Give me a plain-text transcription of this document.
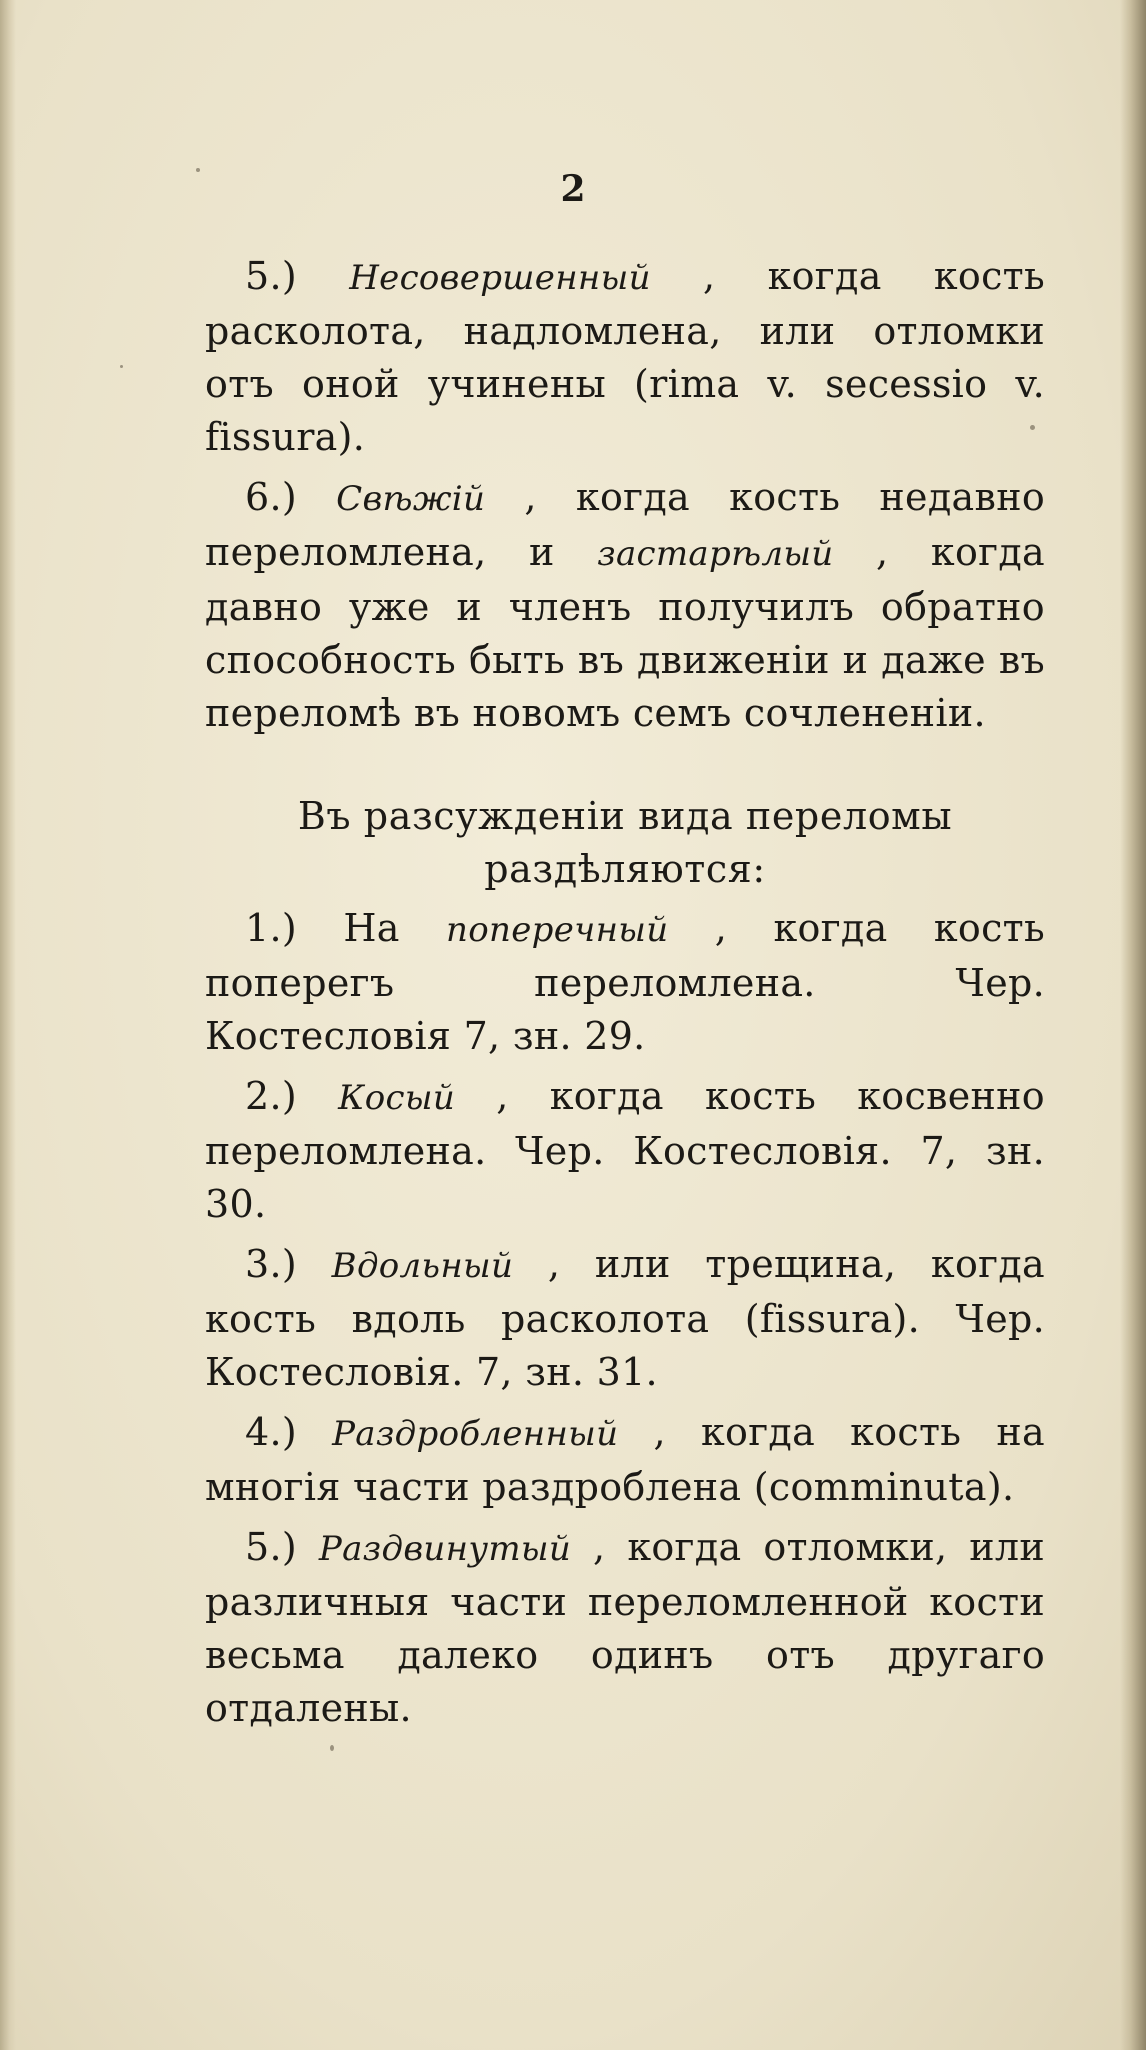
2

5.) Несовершенный , когда кость расколота, надломлена, или отломки отъ оной учинены (rima v. secessio v. fissura).

6.) Свѣжій , когда кость недавно переломлена, и застарѣлый , когда давно уже и членъ получилъ обратно способность быть въ движеніи и даже въ переломѣ въ новомъ семъ сочлененіи.

Въ разсужденіи вида переломы раздѣляются:

1.) На поперечный , когда кость поперегъ переломлена. Чер. Костесловія 7, зн. 29.

2.) Косый , когда кость косвенно переломлена. Чер. Костесловія. 7, зн. 30.

3.) Вдольный , или трещина, когда кость вдоль расколота (fissura). Чер. Костесловія. 7, зн. 31.

4.) Раздробленный , когда кость на многія части раздроблена (comminuta).

5.) Раздвинутый , когда отломки, или различныя части переломленной кости весьма далеко одинъ отъ другаго отдалены.
